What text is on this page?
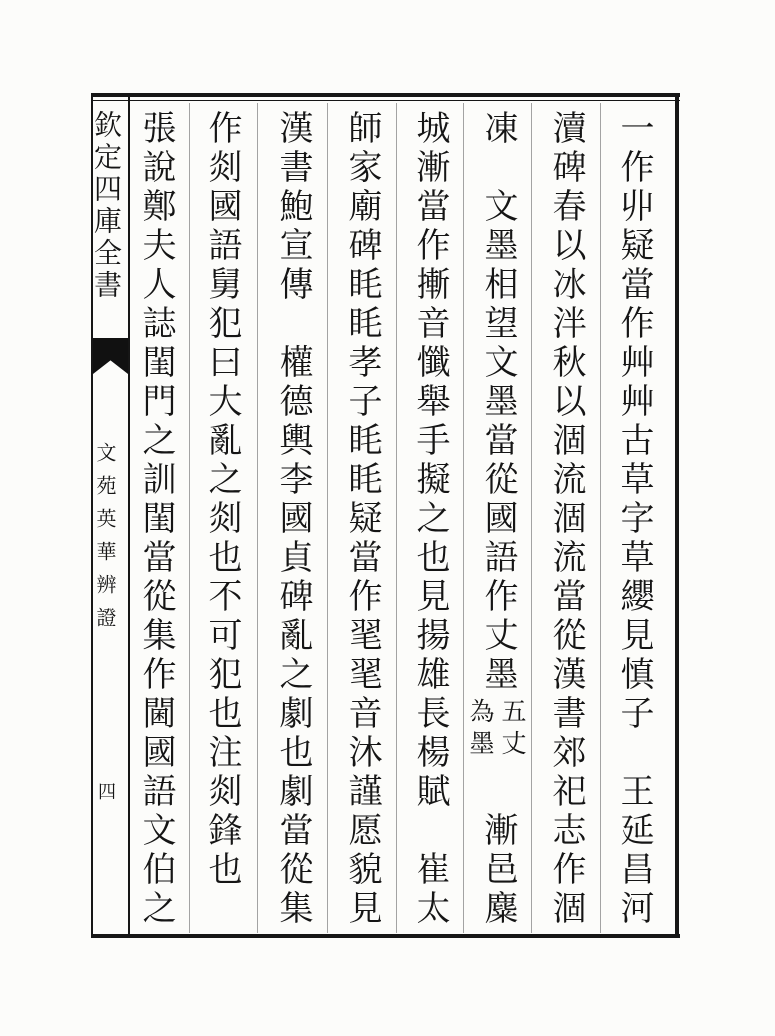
欽定四庫全書
文苑英華辨證
四
一作丱疑當作艸艸古草字草纓見慎子
王延昌河
瀆碑春以冰泮秋以涸流涸流當從漢書郊祀志作涸
凍
文墨相望文墨當從國語作丈墨
五丈
為墨
漸邑麋
城漸當作摲音懺舉手擬之也見揚雄長楊賦
崔太
師家廟碑眊眊孝子眊眊疑當作毣毣音沐謹愿貌見
漢書鮑宣傳
權德輿李國貞碑亂之劇也劇當從集
作剡國語舅犯曰大亂之剡也不可犯也注剡鋒也
張說鄭夫人誌閨門之訓閨當從集作閫國語文伯之
